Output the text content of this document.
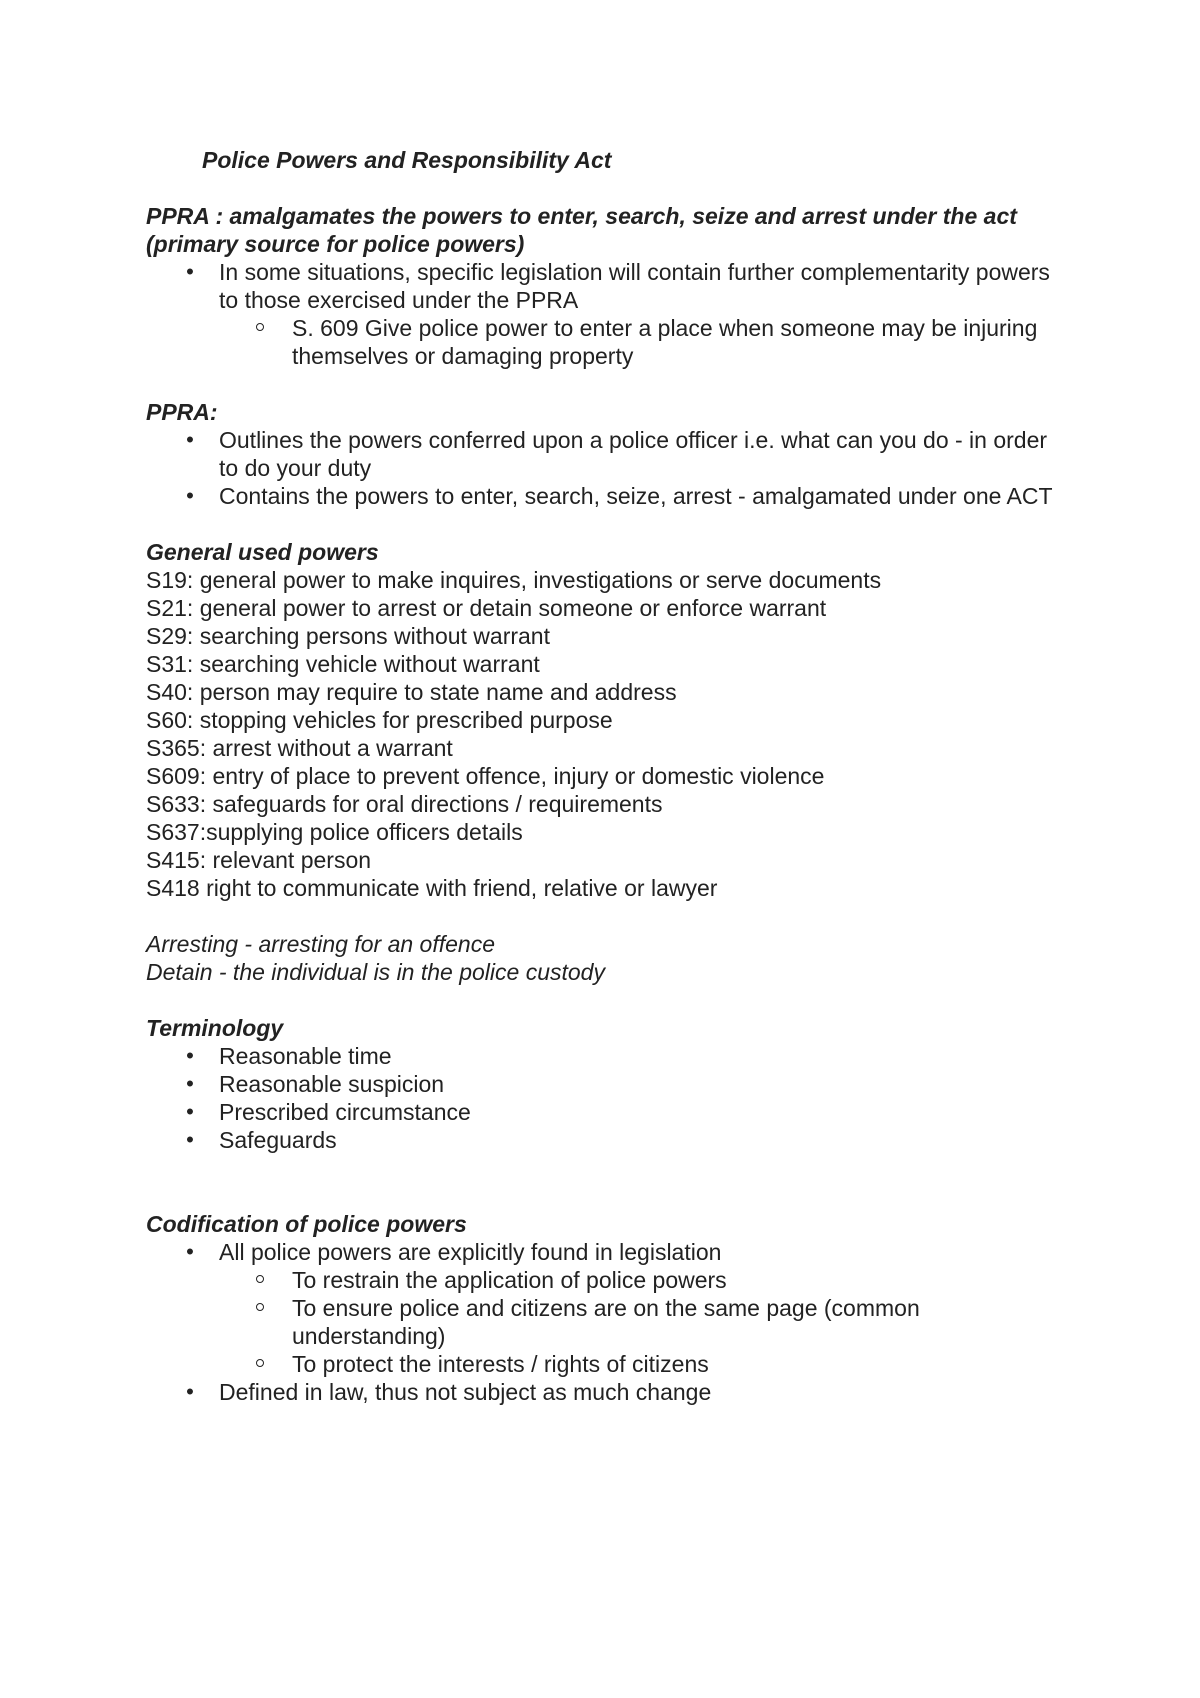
Police Powers and Responsibility Act
PPRA : amalgamates the powers to enter, search, seize and arrest under the act (primary source for police powers)
• In some situations, specific legislation will contain further complementarity powers to those exercised under the PPRA
S. 609 Give police power to enter a place when someone may be injuring themselves or damaging property
PPRA:
• Outlines the powers conferred upon a police officer i.e. what can you do - in order to do your duty
• Contains the powers to enter, search, seize, arrest - amalgamated under one ACT
General used powers
S19: general power to make inquires, investigations or serve documents
S21: general power to arrest or detain someone or enforce warrant
S29: searching persons without warrant
S31: searching vehicle without warrant
S40: person may require to state name and address
S60: stopping vehicles for prescribed purpose
S365: arrest without a warrant
S609: entry of place to prevent offence, injury or domestic violence
S633: safeguards for oral directions / requirements
S637:supplying police officers details
S415: relevant person
S418 right to communicate with friend, relative or lawyer
Arresting - arresting for an offence
Detain - the individual is in the police custody
Terminology
• Reasonable time
• Reasonable suspicion
• Prescribed circumstance
• Safeguards
Codification of police powers
• All police powers are explicitly found in legislation
To restrain the application of police powers
To ensure police and citizens are on the same page (common understanding)
To protect the interests / rights of citizens
• Defined in law, thus not subject as much change
